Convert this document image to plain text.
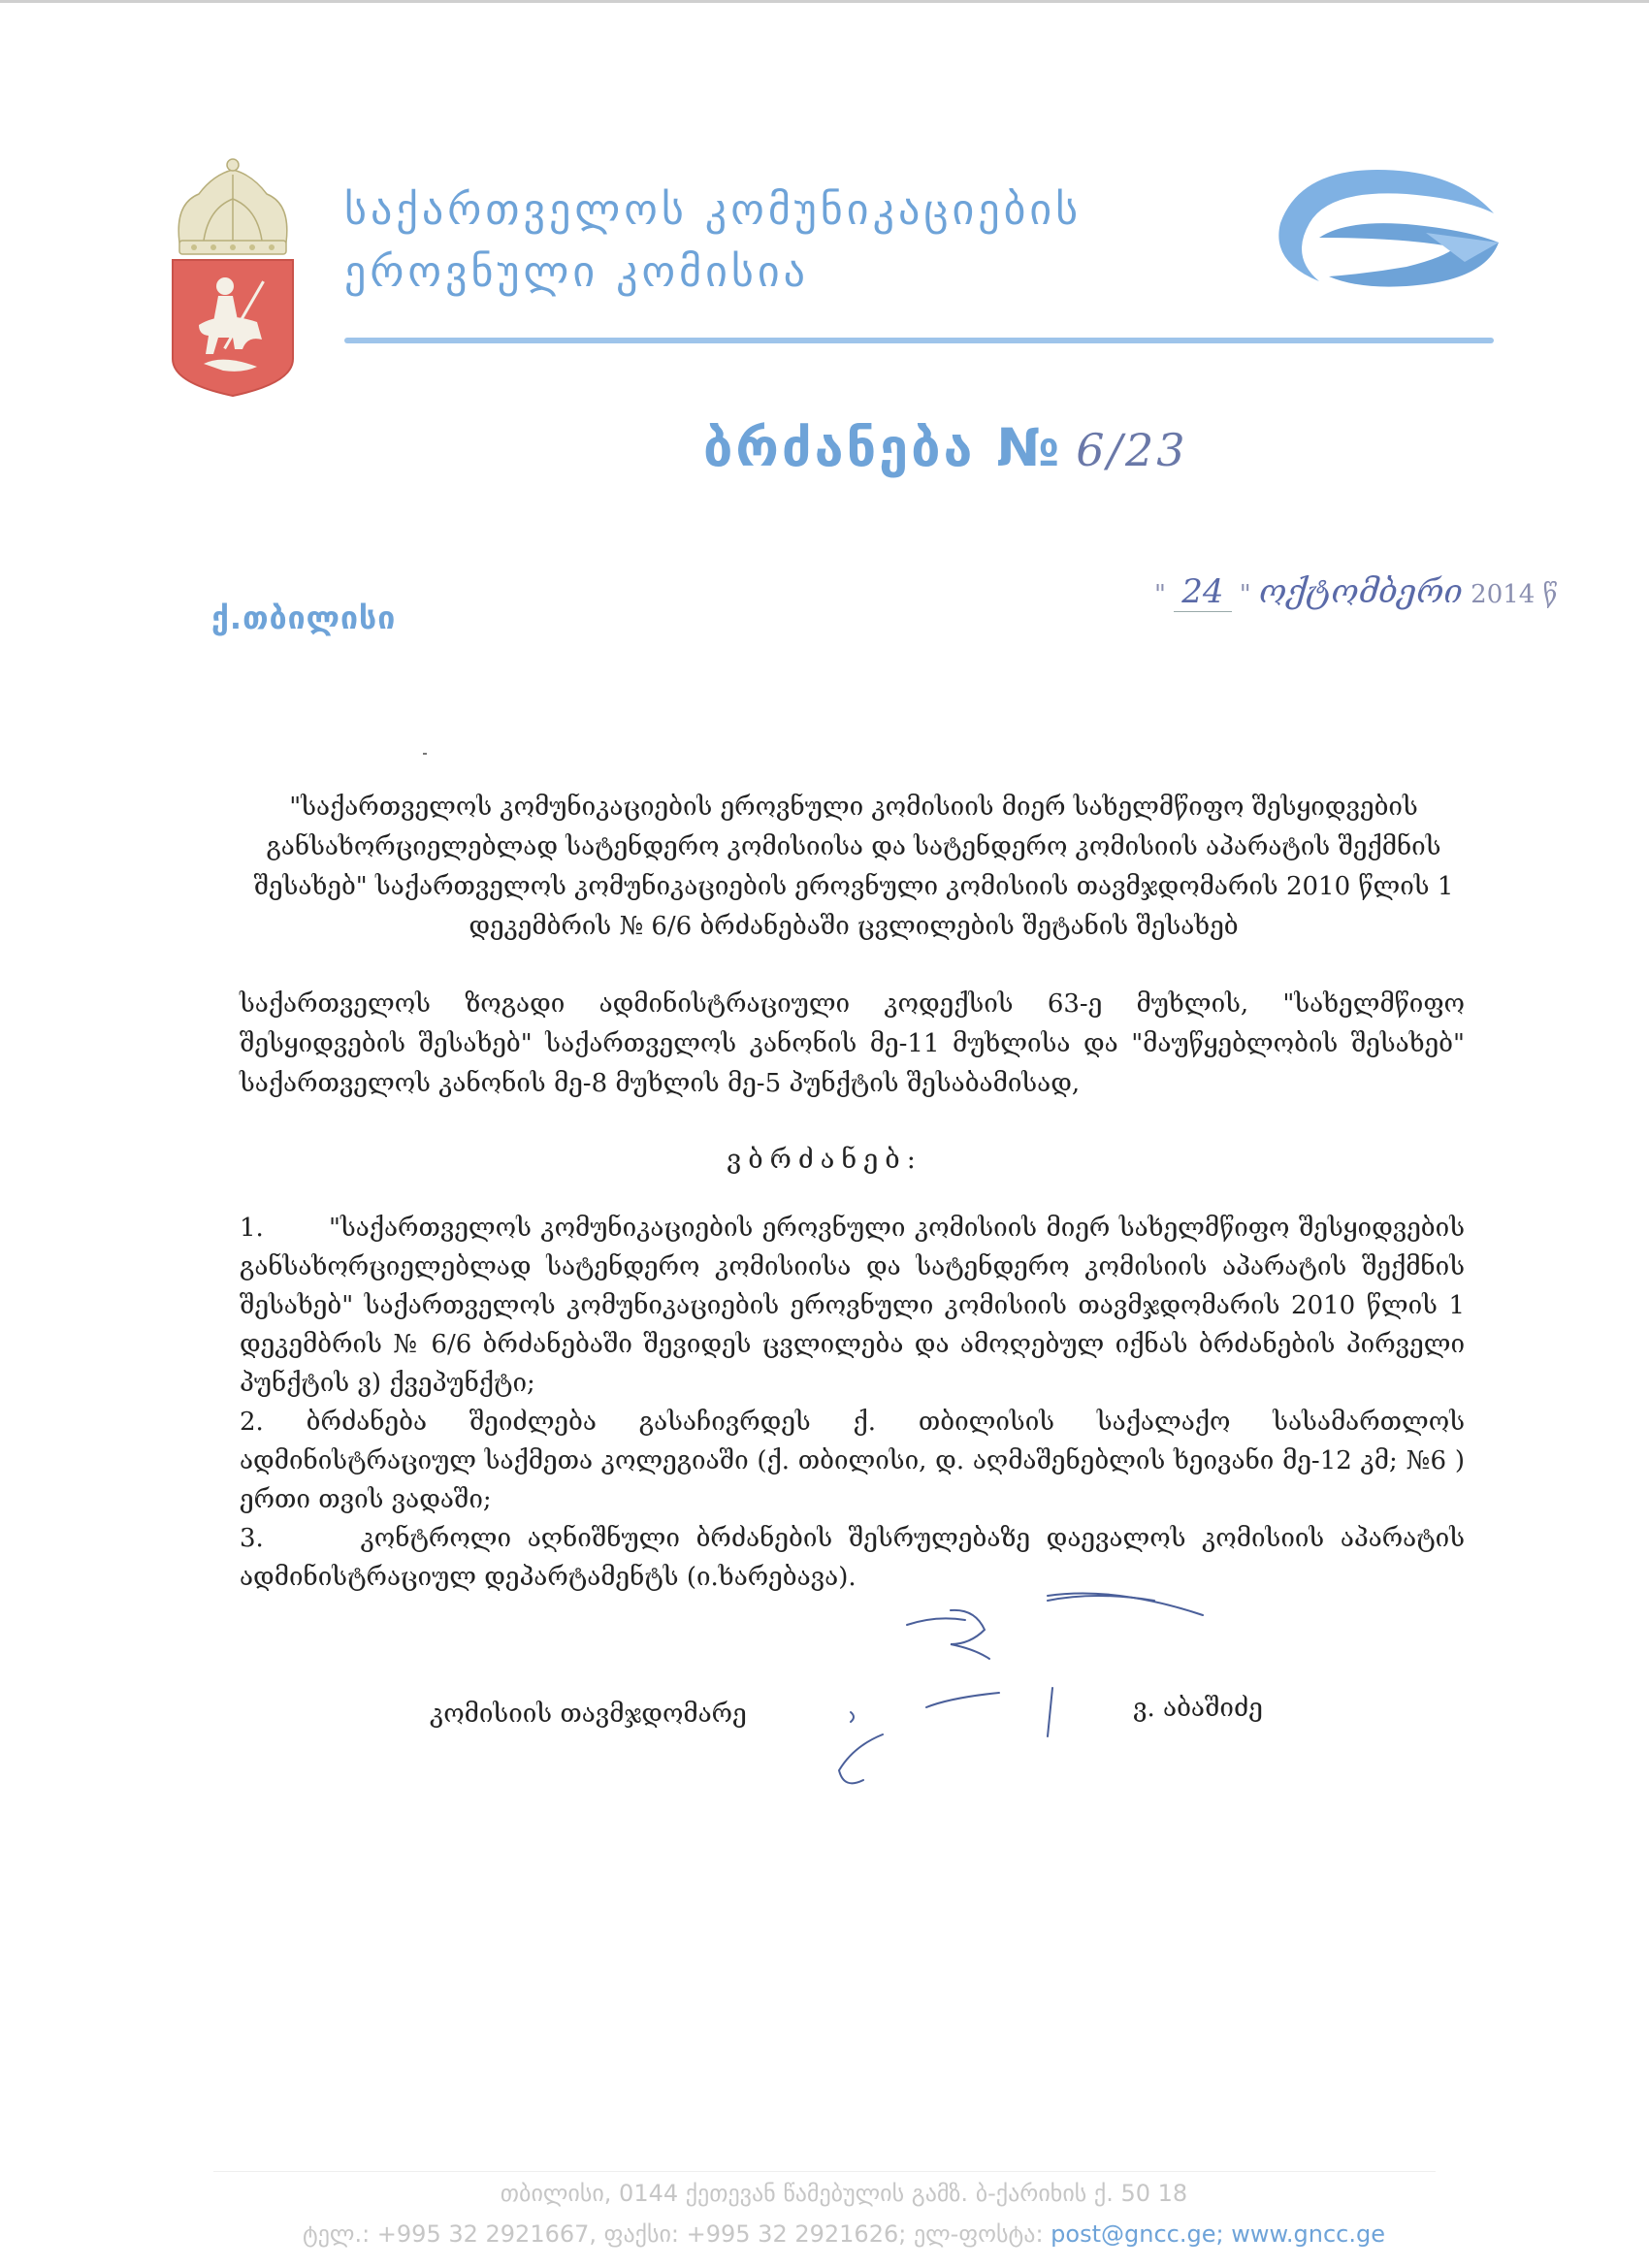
საქართველოს კომუნიკაციების
ეროვნული კომისია
ბრძანება № 6/23
ქ.თბილისი
" 24 " ოქტომბერი 2014 წ
"საქართველოს კომუნიკაციების ეროვნული კომისიის მიერ სახელმწიფო შესყიდვების განსახორციელებლად სატენდერო კომისიისა და სატენდერო კომისიის აპარატის შექმნის შესახებ" საქართველოს კომუნიკაციების ეროვნული კომისიის თავმჯდომარის 2010 წლის 1 დეკემბრის № 6/6 ბრძანებაში ცვლილების შეტანის შესახებ
საქართველოს ზოგადი ადმინისტრაციული კოდექსის 63-ე მუხლის, "სახელმწიფო შესყიდვების შესახებ" საქართველოს კანონის მე-11 მუხლისა და "მაუწყებლობის შესახებ" საქართველოს კანონის მე-8 მუხლის მე-5 პუნქტის შესაბამისად,
ვბრძანებ:

1.	"საქართველოს კომუნიკაციების ეროვნული კომისიის მიერ სახელმწიფო შესყიდვების განსახორციელებლად სატენდერო კომისიისა და სატენდერო კომისიის აპარატის შექმნის შესახებ" საქართველოს კომუნიკაციების ეროვნული კომისიის თავმჯდომარის 2010 წლის 1 დეკემბრის № 6/6 ბრძანებაში შევიდეს ცვლილება და ამოღებულ იქნას ბრძანების პირველი პუნქტის ვ) ქვეპუნქტი;

2. ბრძანება შეიძლება გასაჩივრდეს ქ. თბილისის საქალაქო სასამართლოს ადმინისტრაციულ საქმეთა კოლეგიაში (ქ. თბილისი, დ. აღმაშენებლის ხეივანი მე-12 კმ; №6 ) ერთი თვის ვადაში;

3.	კონტროლი აღნიშნული ბრძანების შესრულებაზე დაევალოს კომისიის აპარატის ადმინისტრაციულ დეპარტამენტს (ი.ხარებავა).

კომისიის თავმჯდომარე	ვ. აბაშიძე
თბილისი, 0144 ქეთევან წამებულის გამზ. ბ-ქარიხის ქ. 50 18
ტელ.: +995 32 2921667, ფაქსი: +995 32 2921626; ელ-ფოსტა: post@gncc.ge; www.gncc.ge
